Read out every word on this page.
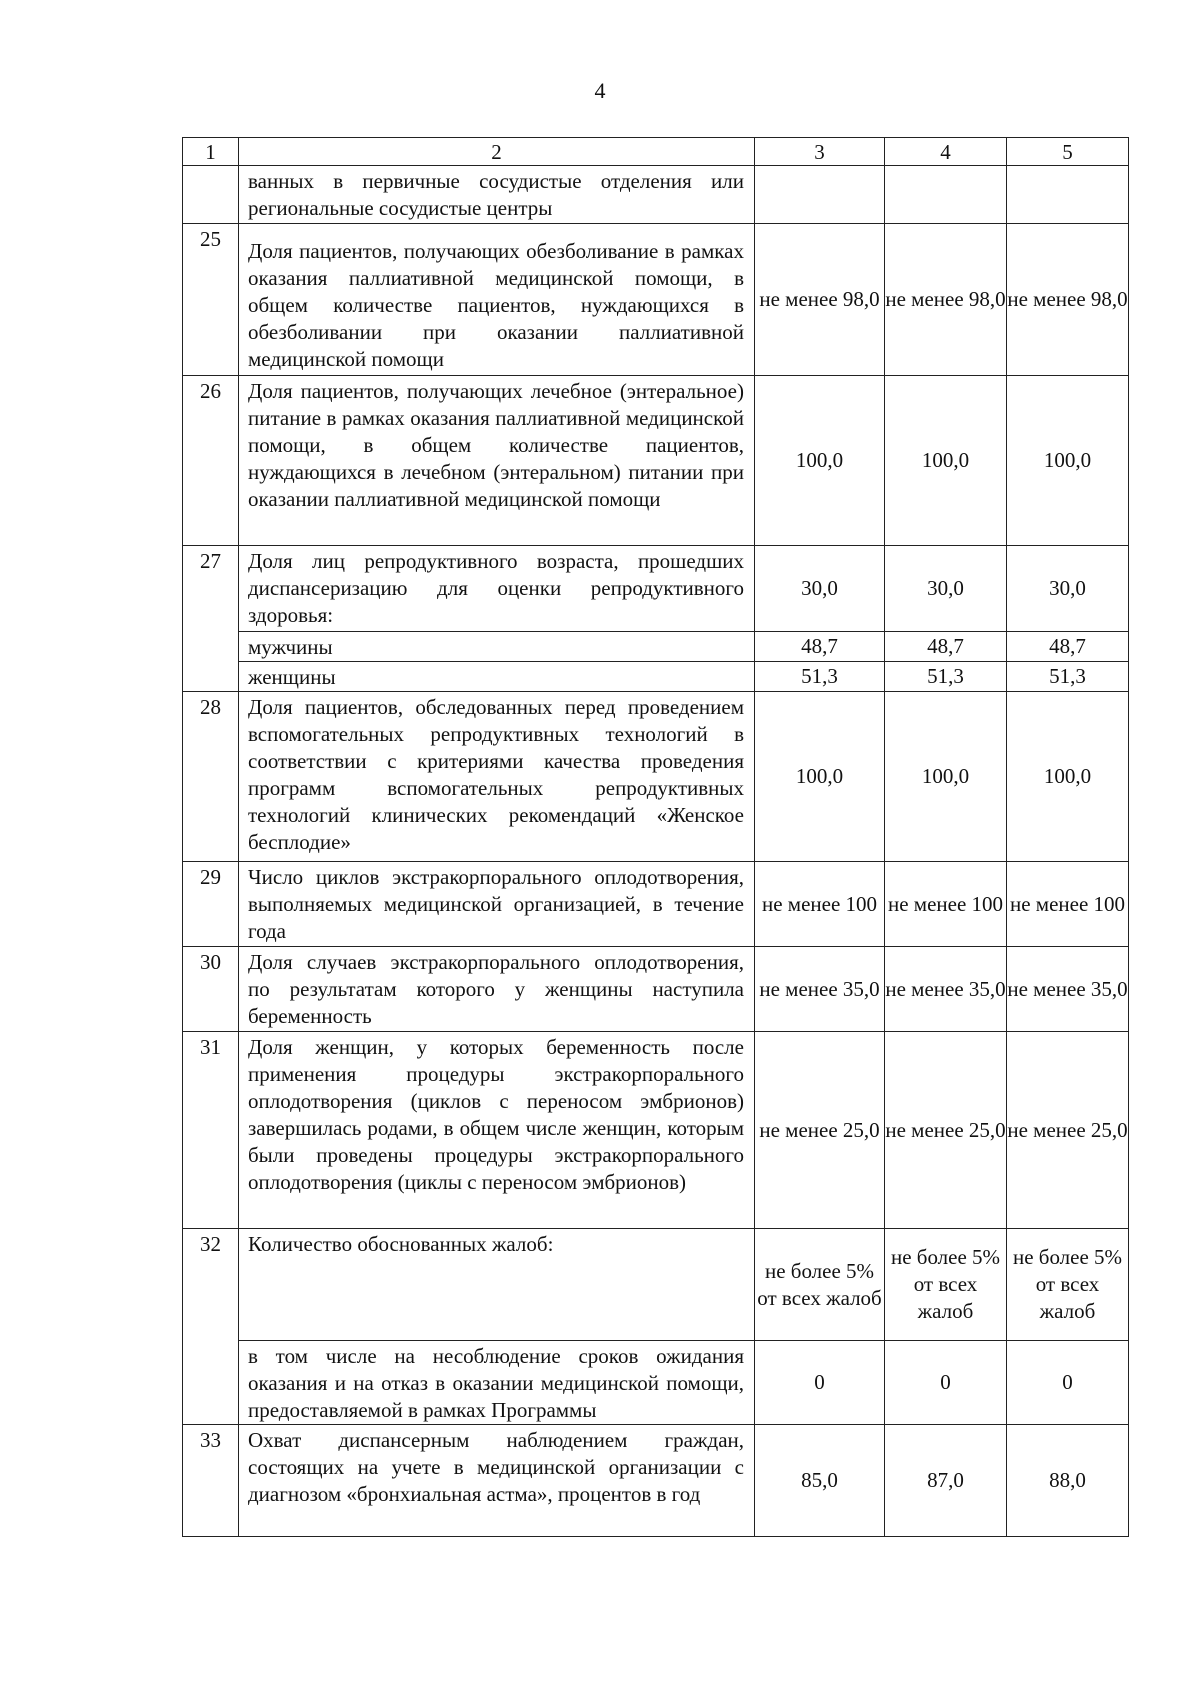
4
1	2	3	4	5
	ванных в первичные сосудистые отделения или региональные сосудистые центры			
25	Доля пациентов, получающих обезболивание в рамках оказания паллиативной медицинской помощи, в общем количестве пациентов, нуждающихся в обезболивании при оказании паллиативной медицинской помощи	не менее 98,0	не менее 98,0	не менее 98,0
26	Доля пациентов, получающих лечебное (энтеральное) питание в рамках оказания паллиативной медицинской помощи, в общем количестве пациентов, нуждающихся в лечебном (энтеральном) питании при оказании паллиативной медицинской помощи	100,0	100,0	100,0
27	Доля лиц репродуктивного возраста, прошедших диспансеризацию для оценки репродуктивного здоровья:	30,0	30,0	30,0
	мужчины	48,7	48,7	48,7
	женщины	51,3	51,3	51,3
28	Доля пациентов, обследованных перед проведением вспомогательных репродуктивных технологий в соответствии с критериями качества проведения программ вспомогательных репродуктивных технологий клинических рекомендаций «Женское бесплодие»	100,0	100,0	100,0
29	Число циклов экстракорпорального оплодотворения, выполняемых медицинской организацией, в течение года	не менее 100	не менее 100	не менее 100
30	Доля случаев экстракорпорального оплодотворения, по результатам которого у женщины наступила беременность	не менее 35,0	не менее 35,0	не менее 35,0
31	Доля женщин, у которых беременность после применения процедуры экстракорпорального оплодотворения (циклов с переносом эмбрионов) завершилась родами, в общем числе женщин, которым были проведены процедуры экстракорпорального оплодотворения (циклы с переносом эмбрионов)	не менее 25,0	не менее 25,0	не менее 25,0
32	Количество обоснованных жалоб:	не более 5% от всех жалоб	не более 5% от всех жалоб	не более 5% от всех жалоб
	в том числе на несоблюдение сроков ожидания оказания и на отказ в оказании медицинской помощи, предоставляемой в рамках Программы	0	0	0
33	Охват диспансерным наблюдением граждан, состоящих на учете в медицинской организации с диагнозом «бронхиальная астма», процентов в год	85,0	87,0	88,0
